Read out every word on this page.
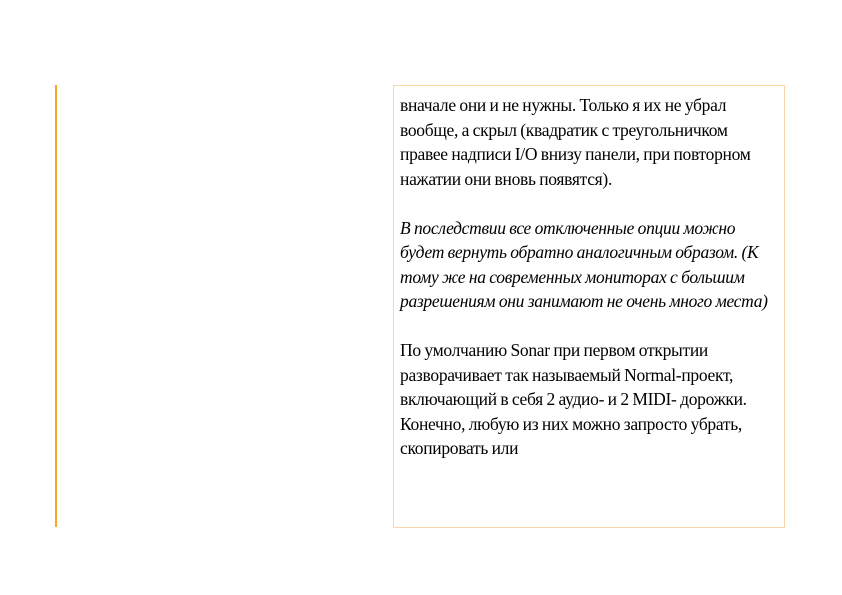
вначале они и не нужны. Только я их не убрал вообще, а скрыл (квадратик с треугольничком правее надписи I/O внизу панели, при повторном нажатии они вновь появятся).

В последствии все отключенные опции можно будет вернуть обратно аналогичным образом. (К тому же на современных мониторах с большим разрешениям они занимают не очень много места)

По умолчанию Sonar при первом открытии разворачивает так называемый Normal-проект, включающий в себя 2 аудио- и 2 MIDI- дорожки. Конечно, любую из них можно запросто убрать, скопировать или
